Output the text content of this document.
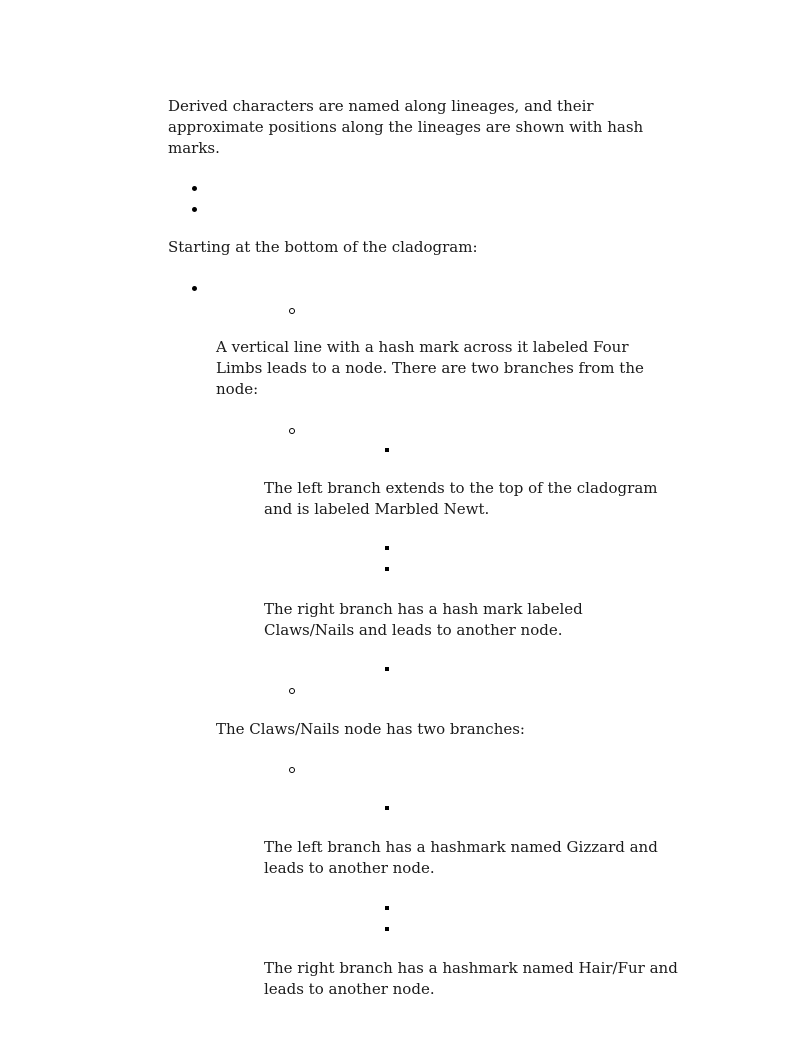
Derived characters are named along lineages, and their
approximate positions along the lineages are shown with hash
marks.

Starting at the bottom of the cladogram:

A vertical line with a hash mark across it labeled Four
Limbs leads to a node. There are two branches from the
node:

The left branch extends to the top of the cladogram
and is labeled Marbled Newt.

The right branch has a hash mark labeled
Claws/Nails and leads to another node.

The Claws/Nails node has two branches:

The left branch has a hashmark named Gizzard and
leads to another node.

The right branch has a hashmark named Hair/Fur and
leads to another node.
